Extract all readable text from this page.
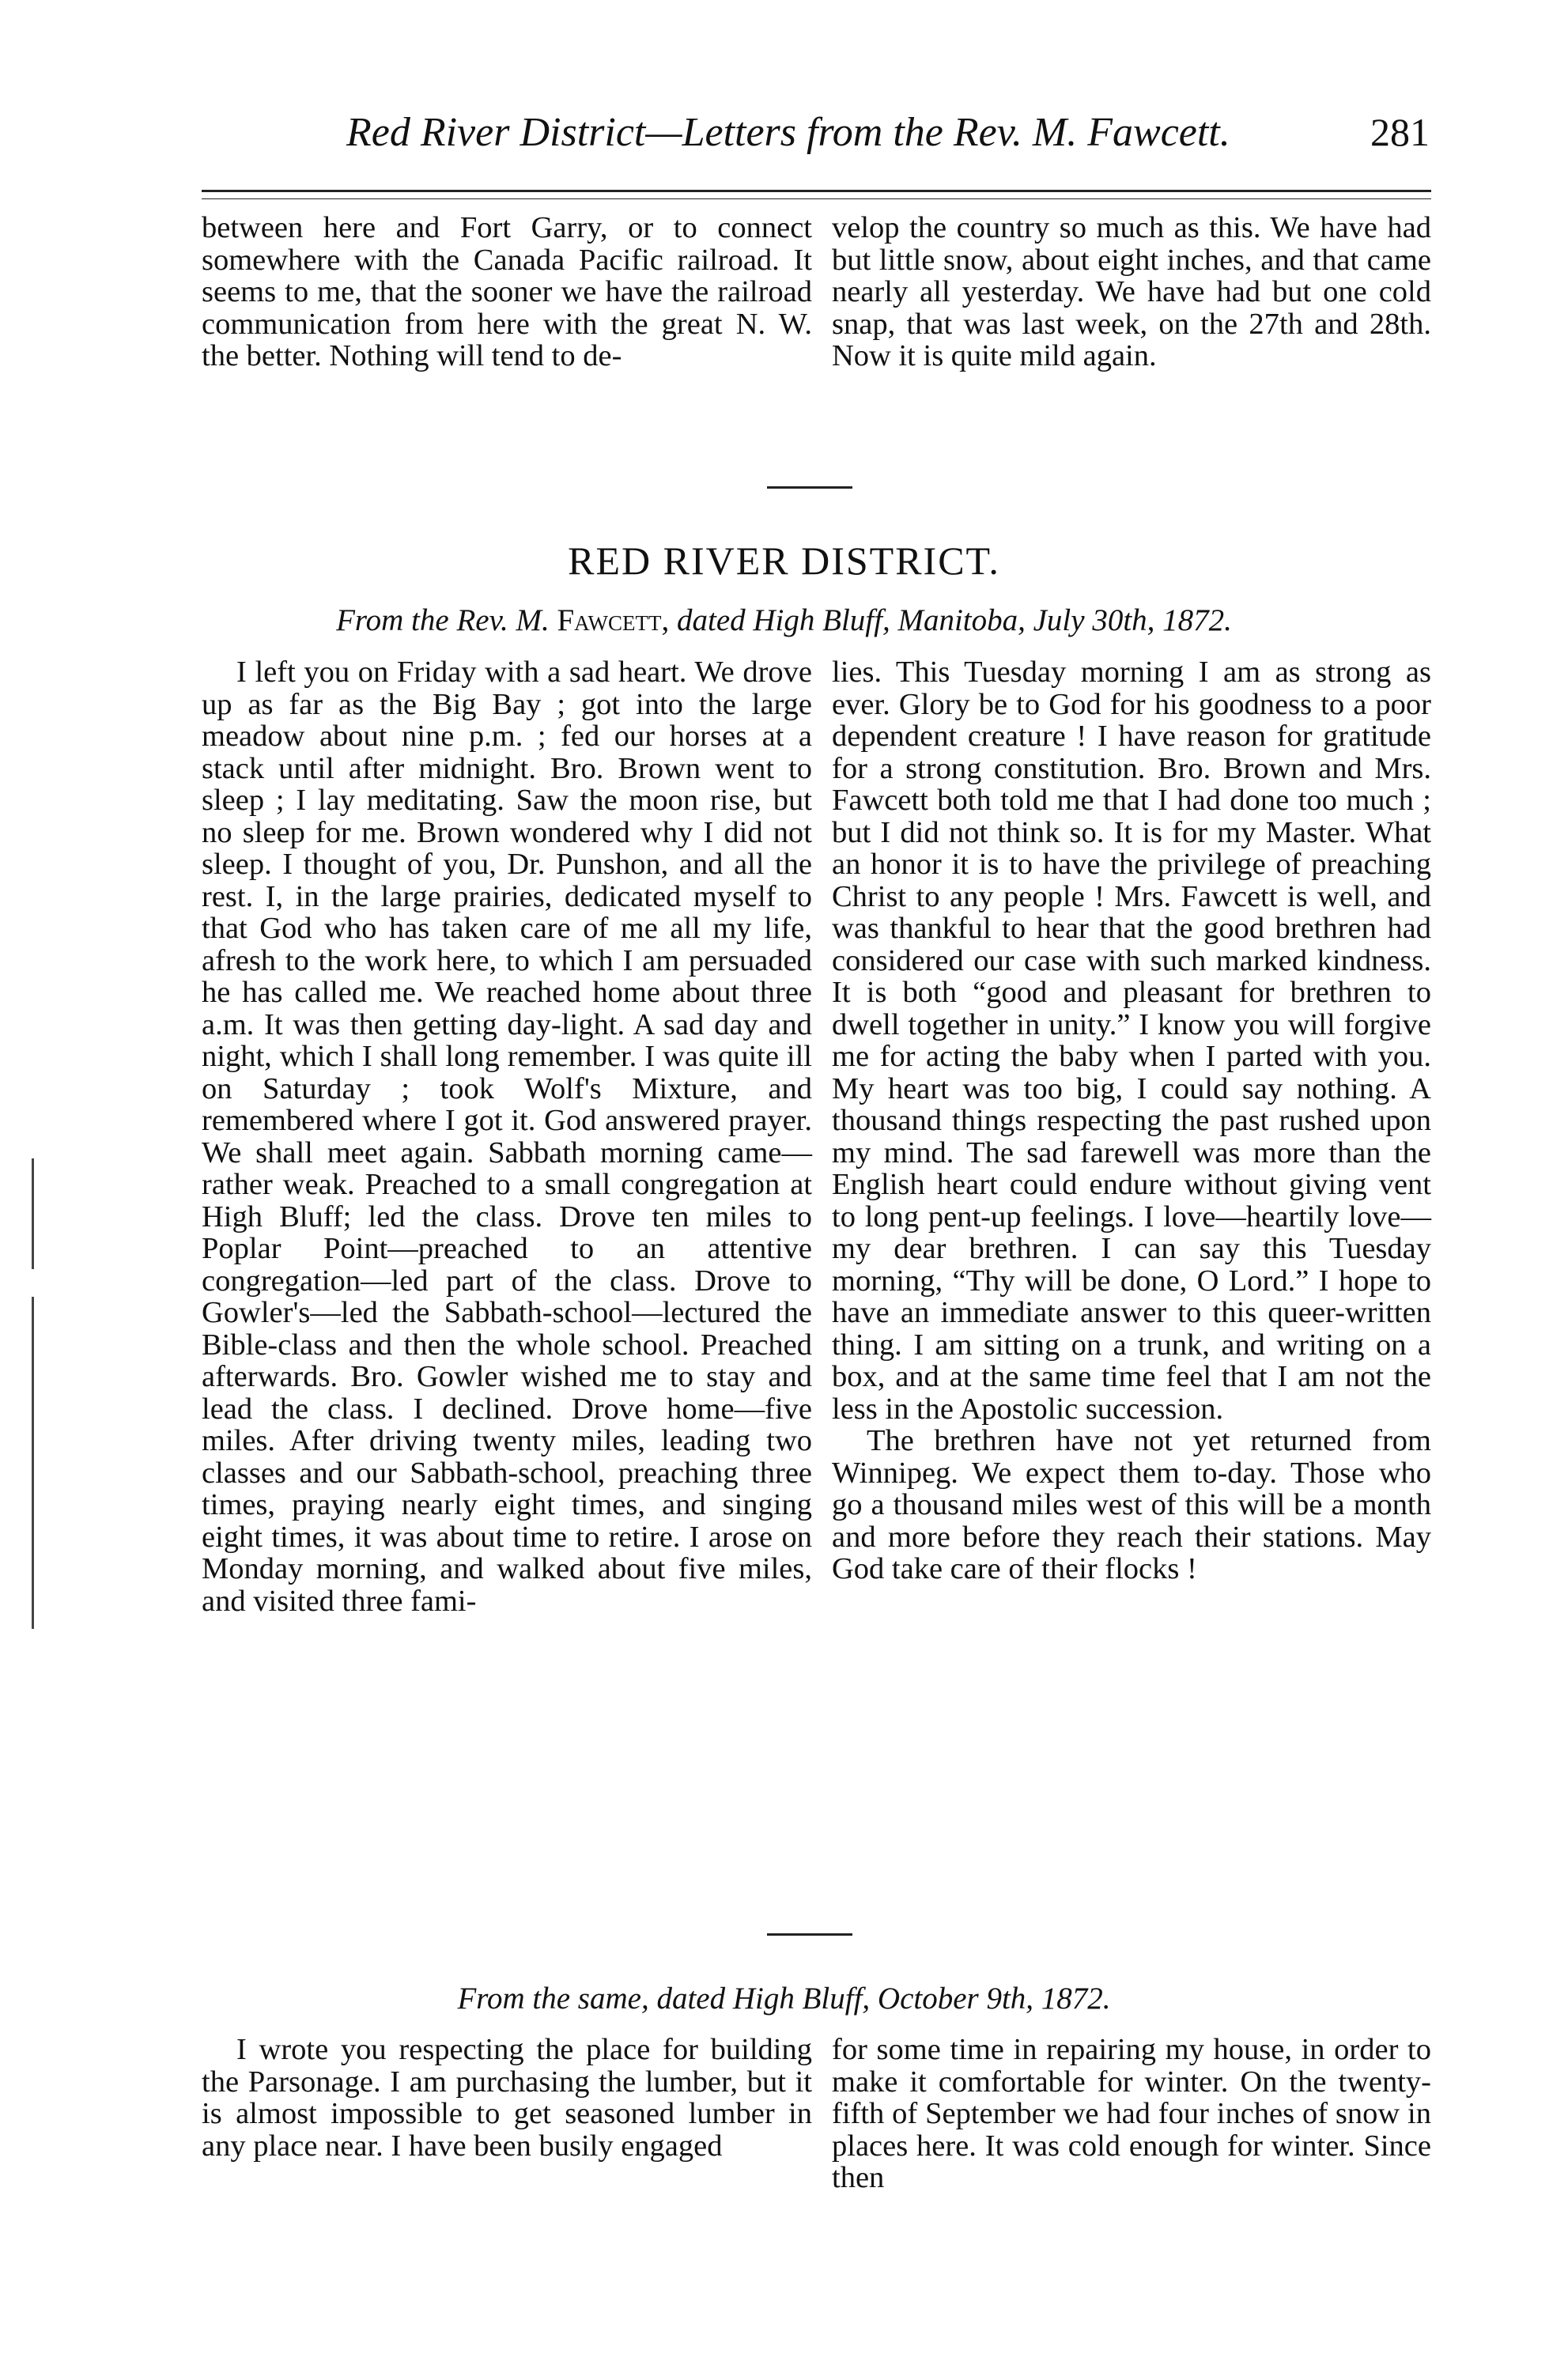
Red River District—Letters from the Rev. M. Fawcett.	281

between here and Fort Garry, or to connect somewhere with the Canada Pacific railroad. It seems to me, that the sooner we have the railroad communication from here with the great N. W. the better. Nothing will tend to de-

velop the country so much as this. We have had but little snow, about eight inches, and that came nearly all yesterday. We have had but one cold snap, that was last week, on the 27th and 28th. Now it is quite mild again.

RED RIVER DISTRICT.
From the Rev. M. Fawcett, dated High Bluff, Manitoba, July 30th, 1872.

I left you on Friday with a sad heart. We drove up as far as the Big Bay ; got into the large meadow about nine p.m. ; fed our horses at a stack until after midnight. Bro. Brown went to sleep ; I lay meditating. Saw the moon rise, but no sleep for me. Brown wondered why I did not sleep. I thought of you, Dr. Punshon, and all the rest. I, in the large prairies, dedicated myself to that God who has taken care of me all my life, afresh to the work here, to which I am persuaded he has called me. We reached home about three a.m. It was then getting day-light. A sad day and night, which I shall long remember. I was quite ill on Saturday ; took Wolf's Mixture, and remembered where I got it. God answered prayer. We shall meet again. Sabbath morning came—rather weak. Preached to a small congregation at High Bluff; led the class. Drove ten miles to Poplar Point—preached to an attentive congregation—led part of the class. Drove to Gowler's—led the Sabbath-school—lectured the Bible-class and then the whole school. Preached afterwards. Bro. Gowler wished me to stay and lead the class. I declined. Drove home—five miles. After driving twenty miles, leading two classes and our Sabbath-school, preaching three times, praying nearly eight times, and singing eight times, it was about time to retire. I arose on Monday morning, and walked about five miles, and visited three fami-

lies. This Tuesday morning I am as strong as ever. Glory be to God for his goodness to a poor dependent creature ! I have reason for gratitude for a strong constitution. Bro. Brown and Mrs. Fawcett both told me that I had done too much ; but I did not think so. It is for my Master. What an honor it is to have the privilege of preaching Christ to any people ! Mrs. Fawcett is well, and was thankful to hear that the good brethren had considered our case with such marked kindness. It is both “good and pleasant for brethren to dwell together in unity.” I know you will forgive me for acting the baby when I parted with you. My heart was too big, I could say nothing. A thousand things respecting the past rushed upon my mind. The sad farewell was more than the English heart could endure without giving vent to long pent-up feelings. I love—heartily love—my dear brethren. I can say this Tuesday morning, “Thy will be done, O Lord.” I hope to have an immediate answer to this queer-written thing. I am sitting on a trunk, and writing on a box, and at the same time feel that I am not the less in the Apostolic succession.

The brethren have not yet returned from Winnipeg. We expect them to-day. Those who go a thousand miles west of this will be a month and more before they reach their stations. May God take care of their flocks !

From the same, dated High Bluff, October 9th, 1872.

I wrote you respecting the place for building the Parsonage. I am purchasing the lumber, but it is almost impossible to get seasoned lumber in any place near. I have been busily engaged

for some time in repairing my house, in order to make it comfortable for winter. On the twenty-fifth of September we had four inches of snow in places here. It was cold enough for winter. Since then
